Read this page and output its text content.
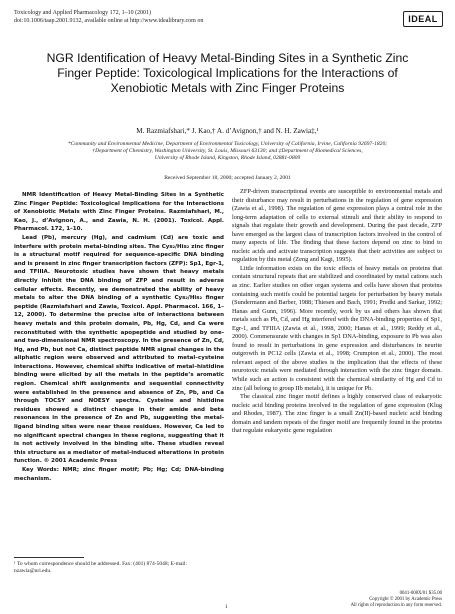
Toxicology and Applied Pharmacology 172, 1–10 (2001)
doi:10.1006/taap.2001.9132, available online at http://www.idealibrary.com on	IDEAL
NGR Identification of Heavy Metal-Binding Sites in a Synthetic Zinc Finger Peptide: Toxicological Implications for the Interactions of Xenobiotic Metals with Zinc Finger Proteins
M. Razmiafshari,* J. Kao,† A. d’Avignon,† and N. H. Zawia‡,¹
*Community and Environmental Medicine, Department of Environmental Toxicology, University of California, Irvine, California 92697-1820;
†Department of Chemistry, Washington University, St. Louis, Missouri 63130; and ‡Department of Biomedical Sciences,
University of Rhode Island, Kingston, Rhode Island, 02881-0809
Received September 18, 2000; accepted January 2, 2001

NMR Identification of Heavy Metal-Binding Sites in a Synthetic Zinc Finger Peptide: Toxicological Implications for the Interactions of Xenobiotic Metals with Zinc Finger Proteins. Razmiafshari, M., Kao, J., d’Avignon, A., and Zawia, N. H. (2001). Toxicol. Appl. Pharmacol. 172, 1–10.

Lead (Pb), mercury (Hg), and cadmium (Cd) are toxic and interfere with protein metal-binding sites. The Cys₂/His₂ zinc finger is a structural motif required for sequence-specific DNA binding and is present in zinc finger transcription factors (ZFP): Sp1, Egr-1, and TFIIIA. Neurotoxic studies have shown that heavy metals directly inhibit the DNA binding of ZFP and result in adverse cellular effects. Recently, we demonstrated the ability of heavy metals to alter the DNA binding of a synthetic Cys₂/His₂ finger peptide (Razmiafshari and Zawia, Toxicol. Appl. Pharmacol. 166, 1–12, 2000). To determine the precise site of interactions between heavy metals and this protein domain, Pb, Hg, Cd, and Ca were reconstituted with the synthetic apopeptide and studied by one- and two-dimensional NMR spectroscopy. In the presence of Zn, Cd, Hg, and Pb, but not Ca, distinct peptide NMR signal changes in the aliphatic region were observed and attributed to metal–cysteine interactions. However, chemical shifts indicative of metal–histidine binding were elicited by all the metals in the peptide’s aromatic region. Chemical shift assignments and sequential connectivity were established in the presence and absence of Zn, Pb, and Ca through TOCSY and NOESY spectra. Cysteine and histidine residues showed a distinct change in their amide and beta resonances in the presence of Zn and Pb, suggesting the metal-ligand binding sites were near these residues. However, Ca led to no significant spectral changes in these regions, suggesting that it is not actively involved in the binding site. These studies reveal this structure as a mediator of metal-induced alterations in protein function. © 2001 Academic Press

Key Words: NMR; zinc finger motif; Pb; Hg; Cd; DNA-binding mechanism.

ZFP-driven transcriptional events are susceptible to environmental metals and their disturbance may result in perturbations in the regulation of gene expression (Zawia et al., 1998). The regulation of gene expression plays a central role in the long-term adaptation of cells to external stimuli and their ability to respond to signals that regulate their growth and development. During the past decade, ZFP have emerged as the largest class of transcription factors involved in the control of many aspects of life. The finding that these factors depend on zinc to bind to nucleic acids and activate transcription suggests that their activities are subject to regulation by this metal (Zeng and Kagi, 1995).

Little information exists on the toxic effects of heavy metals on proteins that contain structural repeats that are stabilized and coordinated by metal cations such as zinc. Earlier studies on other organ systems and cells have shown that proteins containing such motifs could be potential targets for perturbation by heavy metals (Sundermann and Barber, 1988; Thiesen and Bach, 1991; Predki and Sarkar, 1992; Hanas and Gunn, 1996). More recently, work by us and others has shown that metals such as Pb, Cd, and Hg interfered with the DNA-binding properties of Sp1, Egr-1, and TFIIIA (Zawia et al., 1998, 2000; Hanas et al., 1999; Reddy et al., 2000). Commensurate with changes in Sp1 DNA-binding, exposure to Pb was also found to result in perturbations in gene expression and disturbances in neurite outgrowth in PC12 cells (Zawia et al., 1998; Crumpton et al., 2000). The most relevant aspect of the above studies is the implication that the effects of these neurotoxic metals were mediated through interaction with the zinc finger domain. While such an action is consistent with the chemical similarity of Hg and Cd to zinc (all belong to group IIb metals), it is unique for Pb.

The classical zinc finger motif defines a highly conserved class of eukaryotic nucleic acid binding proteins involved in the regulation of gene expression (Klug and Rhodes, 1987). The zinc finger is a small Zn(II)-based nucleic acid binding domain and tandem repeats of the finger motif are frequently found in the proteins that regulate eukaryotic gene regulation

¹ To whom correspondence should be addressed. Fax: (401) 874-5048; E-mail: nzawia@uri.edu.
0041-008X/01 $35.00
Copyright © 2001 by Academic Press
All rights of reproduction in any form reserved.
1
